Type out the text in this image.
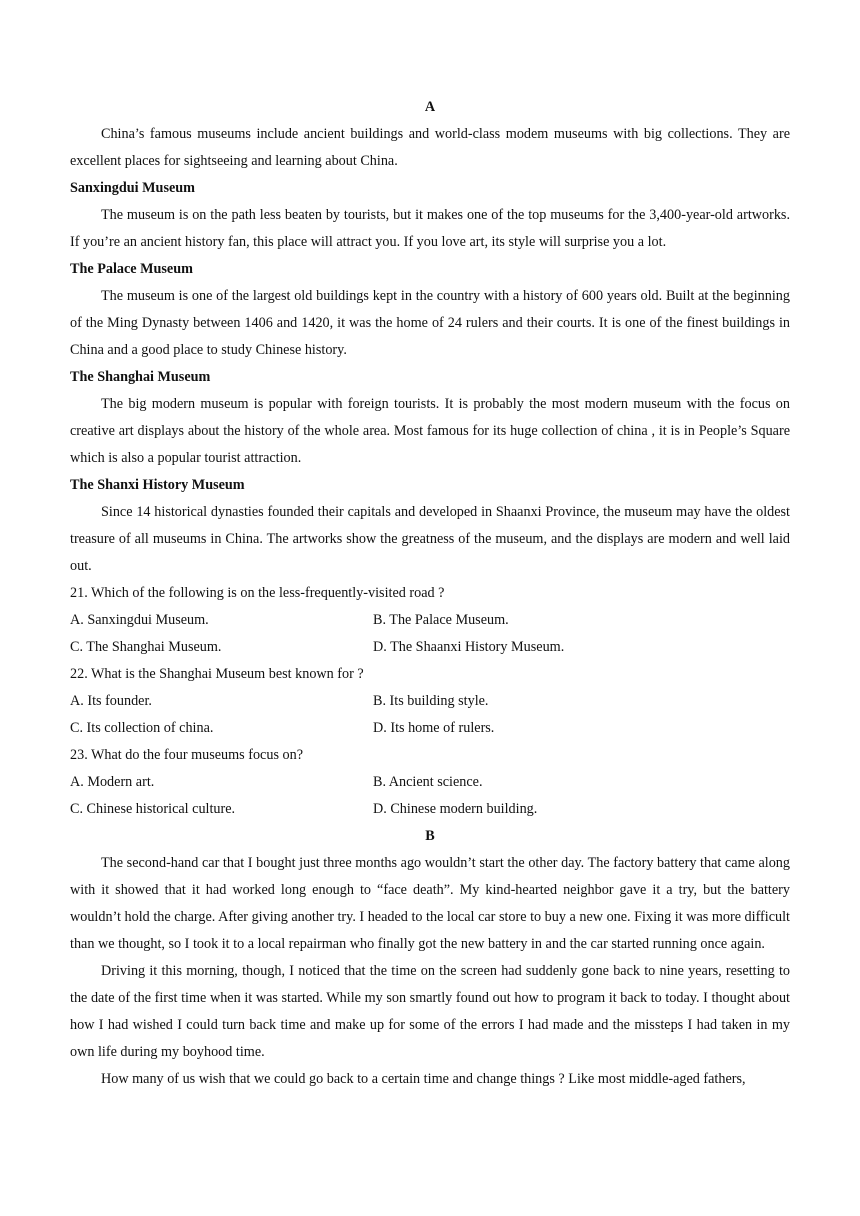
A

China’s famous museums include ancient buildings and world-class modem museums with big collections. They are excellent places for sightseeing and learning about China.

Sanxingdui Museum

The museum is on the path less beaten by tourists, but it makes one of the top museums for the 3,400-year-old artworks. If you’re an ancient history fan, this place will attract you. If you love art, its style will surprise you a lot.

The Palace Museum

The museum is one of the largest old buildings kept in the country with a history of 600 years old. Built at the beginning of the Ming Dynasty between 1406 and 1420, it was the home of 24 rulers and their courts. It is one of the finest buildings in China and a good place to study Chinese history.

The Shanghai Museum

The big modern museum is popular with foreign tourists. It is probably the most modern museum with the focus on creative art displays about the history of the whole area. Most famous for its huge collection of china , it is in People’s Square which is also a popular tourist attraction.

The Shanxi History Museum

Since 14 historical dynasties founded their capitals and developed in Shaanxi Province, the museum may have the oldest treasure of all museums in China. The artworks show the greatness of the museum, and the displays are modern and well laid out.

21. Which of the following is on the less-frequently-visited road ?
A. Sanxingdui Museum.	B. The Palace Museum.
C. The Shanghai Museum.	D. The Shaanxi History Museum.
22. What is the Shanghai Museum best known for ?
A. Its founder.	B. Its building style.
C. Its collection of china.	D. Its home of rulers.
23. What do the four museums focus on?
A. Modern art.	B. Ancient science.
C. Chinese historical culture.	D. Chinese modern building.
B

The second-hand car that I bought just three months ago wouldn’t start the other day. The factory battery that came along with it showed that it had worked long enough to “face death”. My kind-hearted neighbor gave it a try, but the battery wouldn’t hold the charge. After giving another try. I headed to the local car store to buy a new one. Fixing it was more difficult than we thought, so I took it to a local repairman who finally got the new battery in and the car started running once again.

Driving it this morning, though, I noticed that the time on the screen had suddenly gone back to nine years, resetting to the date of the first time when it was started. While my son smartly found out how to program it back to today. I thought about how I had wished I could turn back time and make up for some of the errors I had made and the missteps I had taken in my own life during my boyhood time.

How many of us wish that we could go back to a certain time and change things ? Like most middle-aged fathers,
